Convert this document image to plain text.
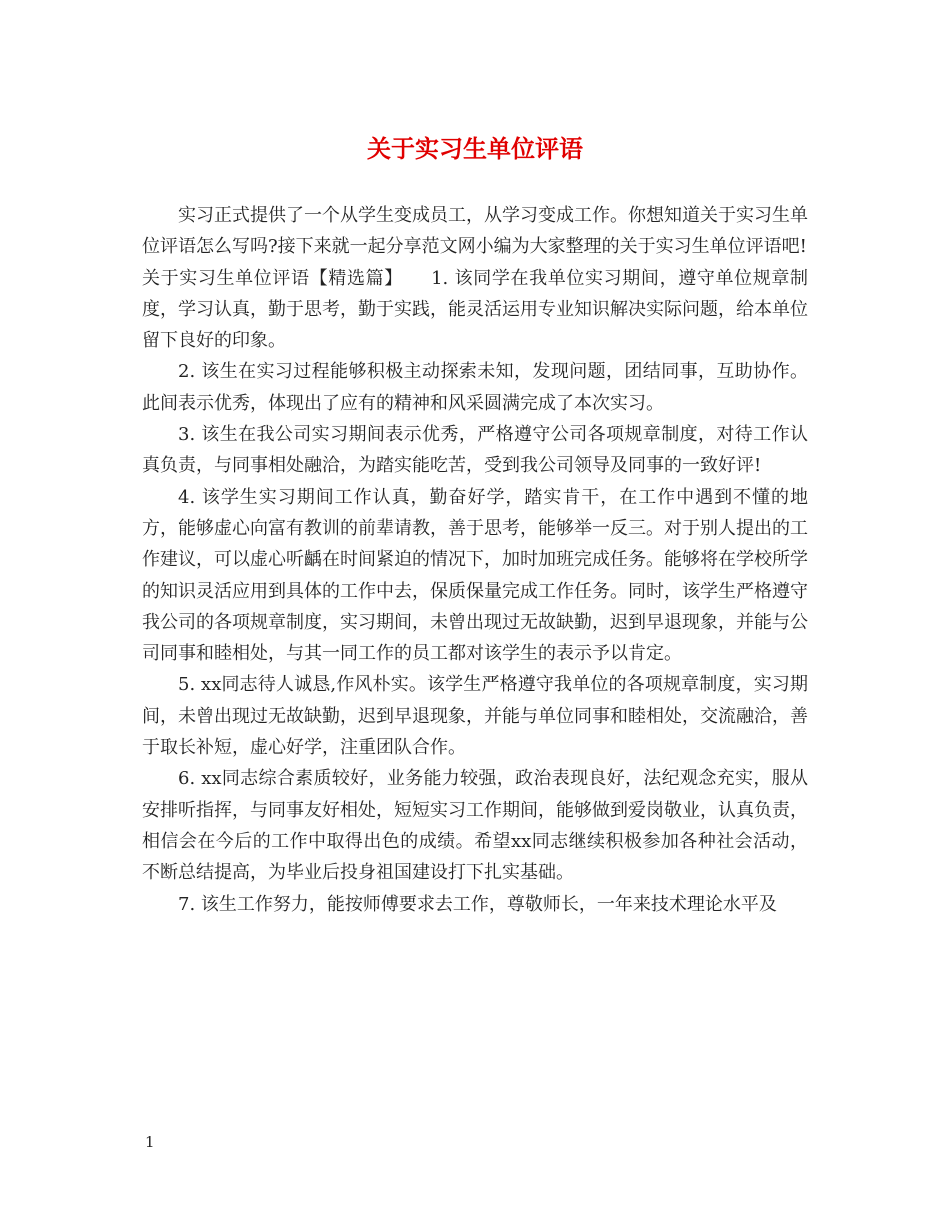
关于实习生单位评语

实习正式提供了一个从学生变成员工，从学习变成工作。你想知道关于实习生单位评语怎么写吗?接下来就一起分享范文网小编为大家整理的关于实习生单位评语吧!

关于实习生单位评语【精选篇】　　1. 该同学在我单位实习期间，遵守单位规章制度，学习认真，勤于思考，勤于实践，能灵活运用专业知识解决实际问题，给本单位留下良好的印象。

2. 该生在实习过程能够积极主动探索未知，发现问题，团结同事，互助协作。此间表示优秀，体现出了应有的精神和风采圆满完成了本次实习。

3. 该生在我公司实习期间表示优秀，严格遵守公司各项规章制度，对待工作认真负责，与同事相处融洽，为踏实能吃苦，受到我公司领导及同事的一致好评!

4. 该学生实习期间工作认真，勤奋好学，踏实肯干，在工作中遇到不懂的地方，能够虚心向富有教训的前辈请教，善于思考，能够举一反三。对于别人提出的工作建议，可以虚心听齲在时间紧迫的情况下，加时加班完成任务。能够将在学校所学的知识灵活应用到具体的工作中去，保质保量完成工作任务。同时，该学生严格遵守我公司的各项规章制度，实习期间，未曾出现过无故缺勤，迟到早退现象，并能与公司同事和睦相处，与其一同工作的员工都对该学生的表示予以肯定。

5. xx同志待人诚恳,作风朴实。该学生严格遵守我单位的各项规章制度，实习期间，未曾出现过无故缺勤，迟到早退现象，并能与单位同事和睦相处，交流融洽，善于取长补短，虚心好学，注重团队合作。

6. xx同志综合素质较好，业务能力较强，政治表现良好，法纪观念充实，服从安排听指挥，与同事友好相处，短短实习工作期间，能够做到爱岗敬业，认真负责，相信会在今后的工作中取得出色的成绩。希望xx同志继续积极参加各种社会活动，不断总结提高，为毕业后投身祖国建设打下扎实基础。

7. 该生工作努力，能按师傅要求去工作，尊敬师长，一年来技术理论水平及

1
